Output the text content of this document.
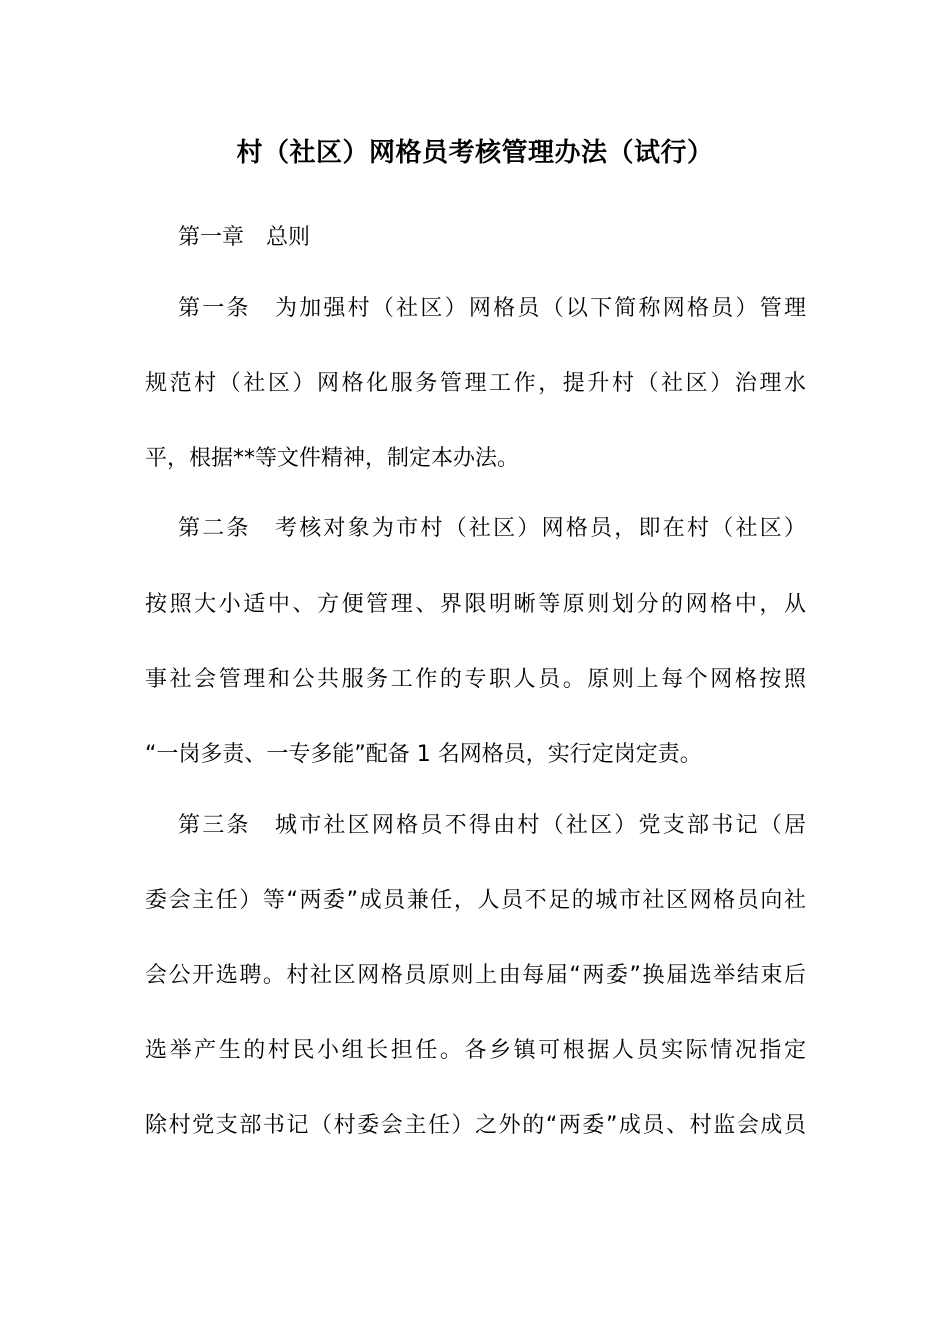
村（社区）网格员考核管理办法（试行）
第一章　总则
第一条　为加强村（社区）网格员（以下简称网格员）管理
规范村（社区）网格化服务管理工作，提升村（社区）治理水
平，根据**等文件精神，制定本办法。
第二条　考核对象为市村（社区）网格员，即在村（社区）
按照大小适中、方便管理、界限明晰等原则划分的网格中，从
事社会管理和公共服务工作的专职人员。原则上每个网格按照
“一岗多责、一专多能”配备 1 名网格员，实行定岗定责。
第三条　城市社区网格员不得由村（社区）党支部书记（居
委会主任）等“两委”成员兼任，人员不足的城市社区网格员向社
会公开选聘。村社区网格员原则上由每届“两委”换届选举结束后
选举产生的村民小组长担任。各乡镇可根据人员实际情况指定
除村党支部书记（村委会主任）之外的“两委”成员、村监会成员
